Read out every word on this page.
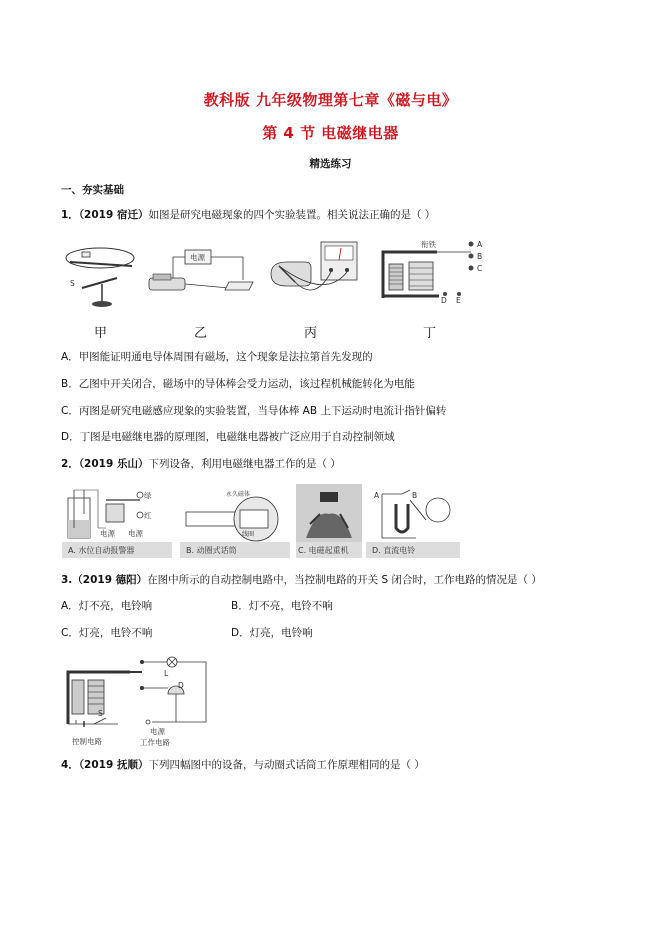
教科版 九年级物理第七章《磁与电》
第 4 节 电磁继电器
精选练习
一、夯实基础
1．（2019 宿迁）如图是研究电磁现象的四个实验装置。相关说法正确的是（ ）
S
电源
衔铁	A
B
C
D E
甲	乙	丙	丁
A．甲图能证明通电导体周围有磁场，这个现象是法拉第首先发现的
B．乙图中开关闭合，磁场中的导体棒会受力运动，该过程机械能转化为电能
C．丙图是研究电磁感应现象的实验装置，当导体棒 AB 上下运动时电流计指针偏转
D．丁图是电磁继电器的原理图，电磁继电器被广泛应用于自动控制领域
2．（2019 乐山）下列设备，利用电磁继电器工作的是（ ）
绿
红
电源 电源
A. 水位自动报警器
永久磁体
线圈
B. 动圈式话筒	C. 电磁起重机
A	B
D. 直流电铃
3.（2019 德阳）在图中所示的自动控制电路中，当控制电路的开关 S 闭合时，工作电路的情况是（ ）
A．灯不亮，电铃响	B．灯不亮，电铃不响
C．灯亮，电铃不响	D．灯亮，电铃响
L
D
电源
S
控制电路	工作电路
4．（2019 抚顺）下列四幅图中的设备，与动圈式话筒工作原理相同的是（ ）
